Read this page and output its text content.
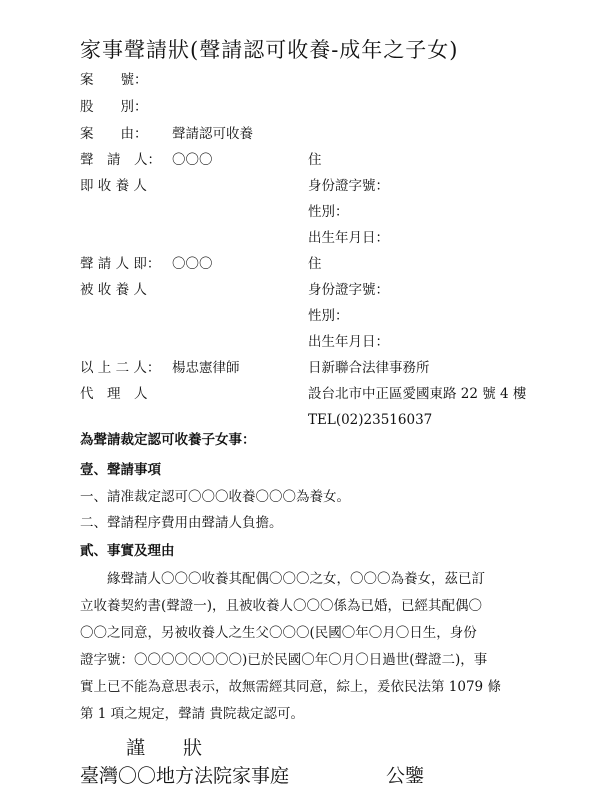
家事聲請狀(聲請認可收養-成年之子女)
案　　號：
股　　別：
案　　由： 聲請認可收養
聲　請　人： 〇〇〇
即 收 養 人
聲 請 人 即： 〇〇〇
被 收 養 人
以 上 二 人： 楊忠憲律師
代　理　人
住
身份證字號：
性別：
出生年月日：
住
身份證字號：
性別：
出生年月日：
日新聯合法律事務所
設台北市中正區愛國東路 22 號 4 樓
TEL(02)23516037
為聲請裁定認可收養子女事：
壹、聲請事項
一、請准裁定認可〇〇〇收養〇〇〇為養女。
二、聲請程序費用由聲請人負擔。
貳、事實及理由
　　緣聲請人〇〇〇收養其配偶〇〇〇之女，〇〇〇為養女，茲已訂
立收養契約書(聲證一)，且被收養人〇〇〇係為已婚，已經其配偶〇
〇〇之同意，另被收養人之生父〇〇〇(民國〇年〇月〇日生，身份
證字號：〇〇〇〇〇〇〇〇)已於民國〇年〇月〇日過世(聲證二)，事
實上已不能為意思表示，故無需經其同意，綜上，爰依民法第 1079 條
第 1 項之規定，聲請 貴院裁定認可。
謹　　狀
臺灣〇〇地方法院家事庭	公鑒
